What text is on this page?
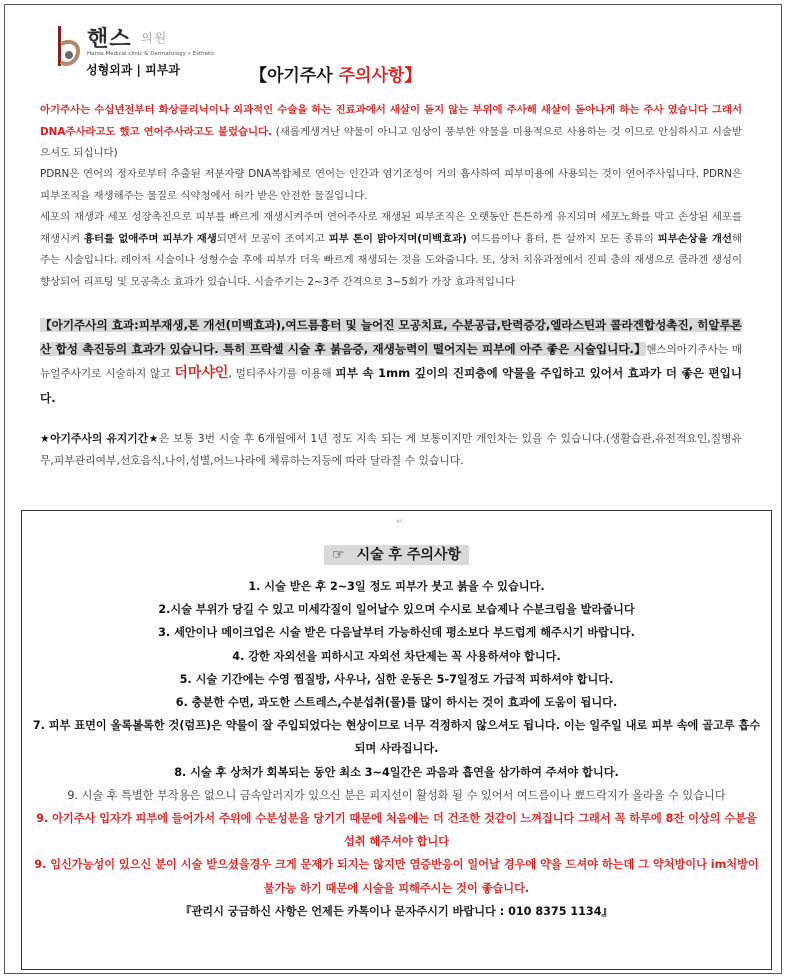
핸스 의원
Hanss Medical clinic & Dermatology • Esthetic
성형외과 | 피부과	【아기주사 주의사항】
아기주사는 수십년전부터 화상클리닉이나 외과적인 수술을 하는 진료과에서 새살이 돋지 않는 부위에 주사해 새살이 돋아나게 하는 주사 였습니다 그래서 DNA주사라고도 했고 연어주사라고도 불렀습니다. (새롭게생겨난 약물이 아니고 임상이 풍부한 약물을 미용적으로 사용하는 것 이므로 안심하시고 시술받으셔도 되십니다)
PDRN은 연어의 정자로부터 추출된 저분자량 DNA복합체로 연어는 인간과 염기조성이 거의 흡사하여 피부미용에 사용되는 것이 연어주사입니다. PDRN은 피부조직을 재생해주는 물질로 식약청에서 허가 받은 안전한 물질입니다.
세포의 재생과 세포 성장촉진으로 피부를 빠르게 재생시켜주며 연어주사로 재생된 피부조직은 오랫동안 튼튼하게 유지되며 세포노화를 막고 손상된 세포를 재생시켜 흉터를 없애주며 피부가 재생되면서 모공이 조여지고 피부 톤이 맑아지며(미백효과) 여드름이나 흉터, 튼 살까지 모든 종류의 피부손상을 개선해주는 시술입니다. 레이저 시술이나 성형수술 후에 피부가 더욱 빠르게 재생되는 것을 도와줍니다. 또, 상처 치유과정에서 진피 층의 재생으로 콜라겐 생성이 향상되어 리프팅 및 모공축소 효과가 있습니다. 시술주기는 2~3주 간격으로 3~5회가 가장 효과적입니다
【아기주사의 효과:피부재생,톤 개선(미백효과),여드름흉터 및 늘어진 모공치료, 수분공급,탄력증강,엘라스틴과 콜라겐합성촉진, 히알루론산 합성 촉진등의 효과가 있습니다. 특히 프락셀 시술 후 붉음증, 재생능력이 떨어지는 피부에 아주 좋은 시술입니다.】핸스의아기주사는 매뉴얼주사기로 시술하지 않고 더마샤인, 멀티주사기를 이용해 피부 속 1mm 깊이의 진피층에 약물을 주입하고 있어서 효과가 더 좋은 편입니다.
★아기주사의 유지기간★은 보통 3번 시술 후 6개월에서 1년 정도 지속 되는 게 보통이지만 개인차는 있을 수 있습니다.(생활습관,유전적요인,질병유무,피부관리여부,선호음식,나이,성별,어느나라에 체류하는지등에 따라 달라질 수 있습니다.
↵
☞ 시술 후 주의사항
1. 시술 받은 후 2~3일 정도 피부가 붓고 붉을 수 있습니다.
2.시술 부위가 당길 수 있고 미세각질이 일어날수 있으며 수시로 보습제나 수분크림을 발라줍니다
3. 세안이나 메이크업은 시술 받은 다음날부터 가능하신데 평소보다 부드럽게 해주시기 바랍니다.
4. 강한 자외선을 피하시고 자외선 차단제는 꼭 사용하셔야 합니다.
5. 시술 기간에는 수영 찜질방, 사우나, 심한 운동은 5-7일정도 가급적 피하셔야 합니다.
6. 충분한 수면, 과도한 스트레스,수분섭취(물)를 많이 하시는 것이 효과에 도움이 됩니다.
7. 피부 표면이 올록볼록한 것(럼프)은 약물이 잘 주입되었다는 현상이므로 너무 걱정하지 않으셔도 됩니다. 이는 일주일 내로 피부 속에 골고루 흡수되며 사라집니다.
8. 시술 후 상처가 회복되는 동안 최소 3~4일간은 과음과 흡연을 삼가하여 주셔야 합니다.
9. 시술 후 특별한 부작용은 없으니 금속알러지가 있으신 분은 피지선이 활성화 될 수 있어서 여드름이나 뾰드락지가 올라올 수 있습니다
9. 아기주사 입자가 피부에 들어가서 주위에 수분성분을 당기기 때문에 처음에는 더 건조한 것같이 느껴집니다 그래서 꼭 하루에 8잔 이상의 수분을 섭취 해주셔야 합니다
9. 임신가능성이 있으신 분이 시술 받으셨을경우 크게 문제가 되지는 않지만 염증반응이 일어날 경우에 약을 드셔야 하는데 그 약처방이나 im처방이 불가능 하기 때문에 시술을 피해주시는 것이 좋습니다.
『관리시 궁금하신 사항은 언제든 카톡이나 문자주시기 바랍니다 : 010 8375 1134』
